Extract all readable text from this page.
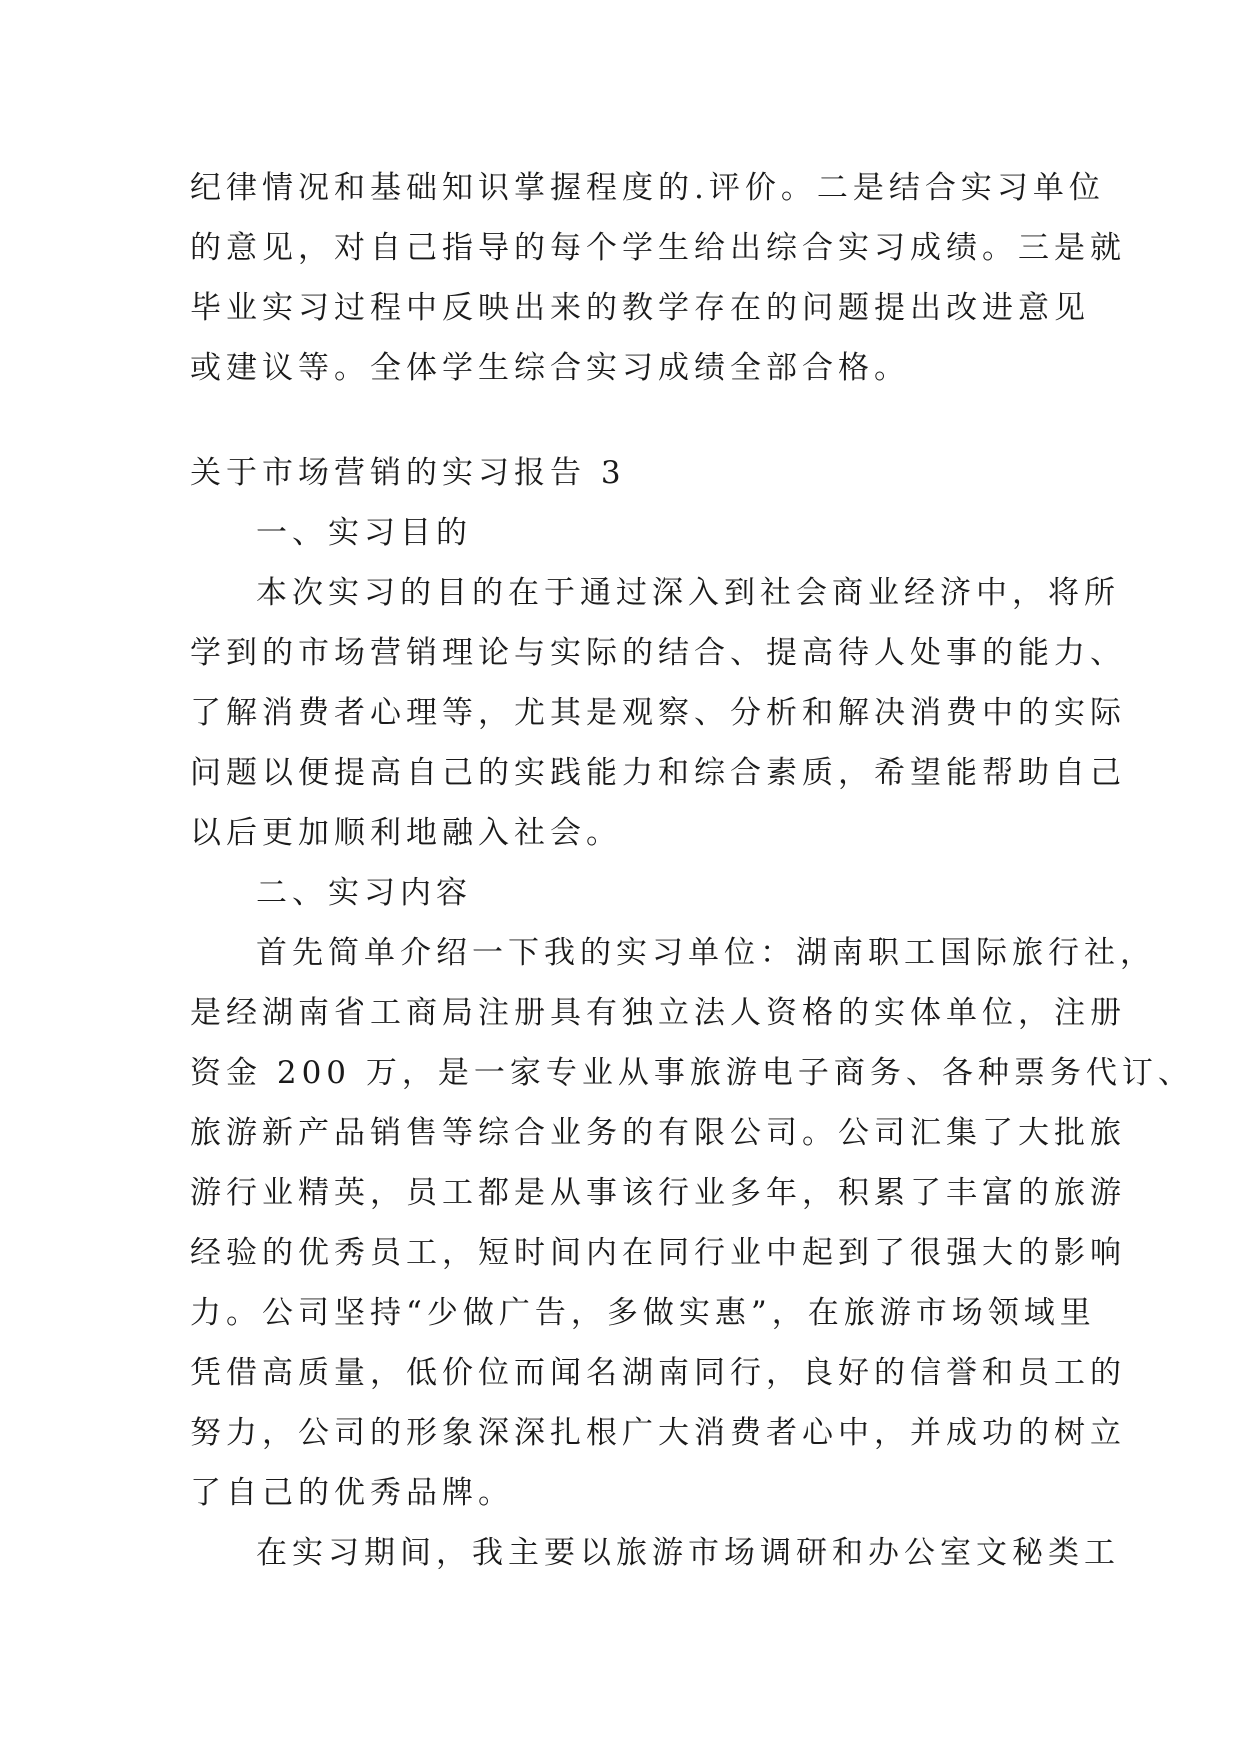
纪律情况和基础知识掌握程度的.评价。二是结合实习单位
的意见，对自己指导的每个学生给出综合实习成绩。三是就
毕业实习过程中反映出来的教学存在的问题提出改进意见
或建议等。全体学生综合实习成绩全部合格。
关于市场营销的实习报告 3
一、实习目的
本次实习的目的在于通过深入到社会商业经济中，将所
学到的市场营销理论与实际的结合、提高待人处事的能力、
了解消费者心理等，尤其是观察、分析和解决消费中的实际
问题以便提高自己的实践能力和综合素质，希望能帮助自己
以后更加顺利地融入社会。
二、实习内容
首先简单介绍一下我的实习单位：湖南职工国际旅行社，
是经湖南省工商局注册具有独立法人资格的实体单位，注册
资金 200 万，是一家专业从事旅游电子商务、各种票务代订、
旅游新产品销售等综合业务的有限公司。公司汇集了大批旅
游行业精英，员工都是从事该行业多年，积累了丰富的旅游
经验的优秀员工，短时间内在同行业中起到了很强大的影响
力。公司坚持“少做广告，多做实惠”，在旅游市场领域里
凭借高质量，低价位而闻名湖南同行，良好的信誉和员工的
努力，公司的形象深深扎根广大消费者心中，并成功的树立
了自己的优秀品牌。
在实习期间，我主要以旅游市场调研和办公室文秘类工
